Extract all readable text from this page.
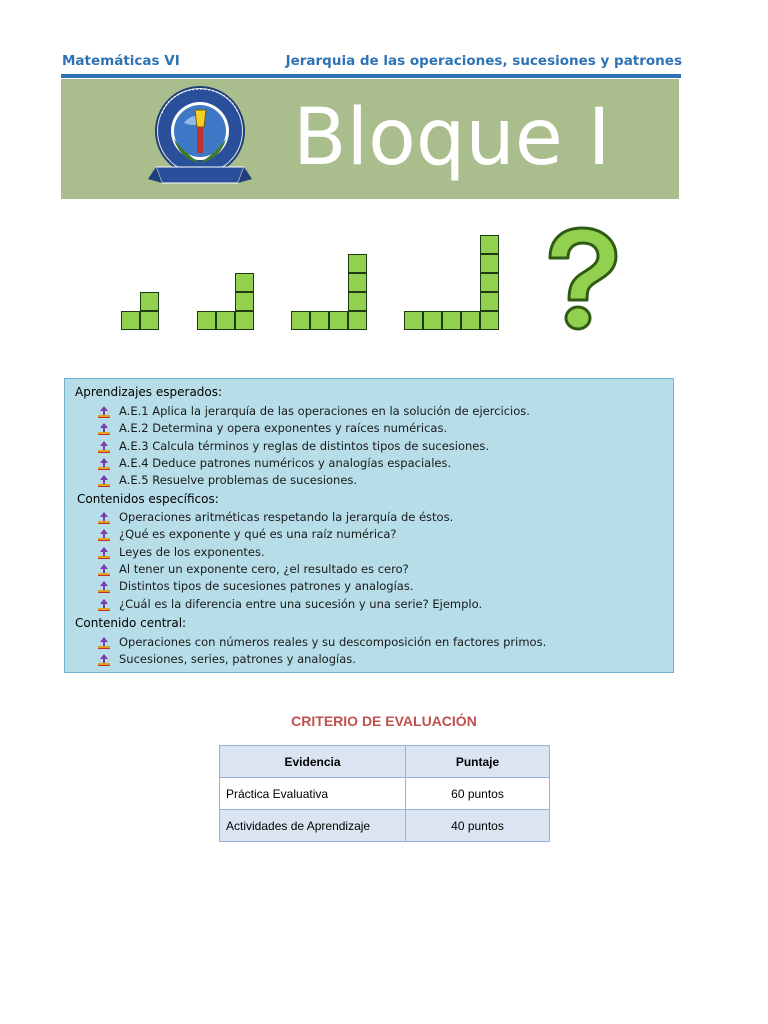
Matemáticas VI	Jerarquia de las operaciones, sucesiones y patrones
Bloque I
Aprendizajes esperados:
A.E.1 Aplica la jerarquía de las operaciones en la solución de ejercicios.
A.E.2 Determina y opera exponentes y raíces numéricas.
A.E.3 Calcula términos y reglas de distintos tipos de sucesiones.
A.E.4 Deduce patrones numéricos y analogías espaciales.
A.E.5 Resuelve problemas de sucesiones.
Contenidos específicos:
Operaciones aritméticas respetando la jerarquía de éstos.
¿Qué es exponente y qué es una raíz numérica?
Leyes de los exponentes.
Al tener un exponente cero, ¿el resultado es cero?
Distintos tipos de sucesiones patrones y analogías.
¿Cuál es la diferencia entre una sucesión y una serie? Ejemplo.
Contenido central:
Operaciones con números reales y su descomposición en factores primos.
Sucesiones, series, patrones y analogías.
CRITERIO DE EVALUACIÓN
Evidencia	Puntaje
Práctica Evaluativa	60 puntos
Actividades de Aprendizaje	40 puntos
